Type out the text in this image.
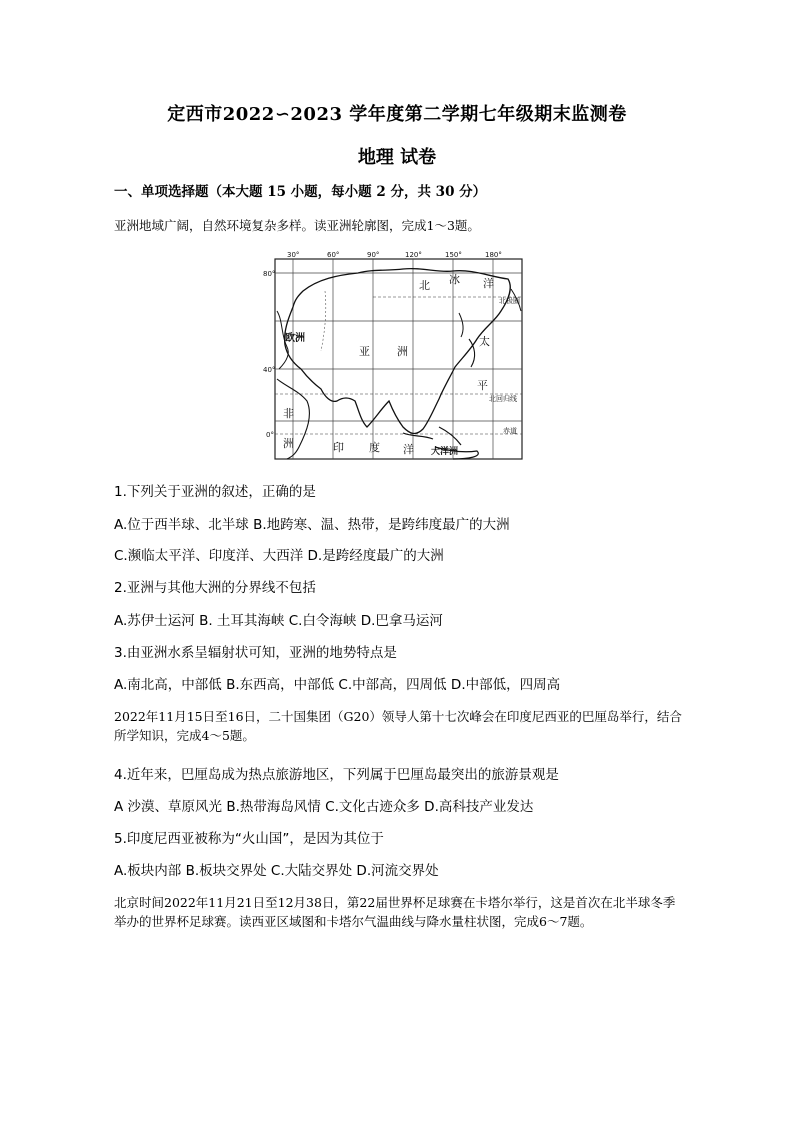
定西市2022∽2023 学年度第二学期七年级期末监测卷
地理 试卷
一、单项选择题（本大题 15 小题，每小题 2 分，共 30 分）
亚洲地域广阔，自然环境复杂多样。读亚洲轮廓图，完成1～3题。
30°	60°	90°	120°	150°	180°
80°
40°
0°
北 冰 洋
北极圈
欧洲
亚 洲
太
平
北回归线
非
洲	印 度 洋
赤道
大洋洲
1.下列关于亚洲的叙述，正确的是
A.位于西半球、北半球 B.地跨寒、温、热带，是跨纬度最广的大洲
C.濒临太平洋、印度洋、大西洋 D.是跨经度最广的大洲
2.亚洲与其他大洲的分界线不包括
A.苏伊士运河 B. 土耳其海峡 C.白令海峡 D.巴拿马运河
3.由亚洲水系呈辐射状可知，亚洲的地势特点是
A.南北高，中部低 B.东西高，中部低 C.中部高，四周低 D.中部低，四周高
2022年11月15日至16日，二十国集团（G20）领导人第十七次峰会在印度尼西亚的巴厘岛举行，结合所学知识，完成4～5题。
4.近年来，巴厘岛成为热点旅游地区，下列属于巴厘岛最突出的旅游景观是
A 沙漠、草原风光 B.热带海岛风情 C.文化古迹众多 D.高科技产业发达
5.印度尼西亚被称为“火山国”，是因为其位于
A.板块内部 B.板块交界处 C.大陆交界处 D.河流交界处
北京时间2022年11月21日至12月38日，第22届世界杯足球赛在卡塔尔举行，这是首次在北半球冬季举办的世界杯足球赛。读西亚区域图和卡塔尔气温曲线与降水量柱状图，完成6～7题。
